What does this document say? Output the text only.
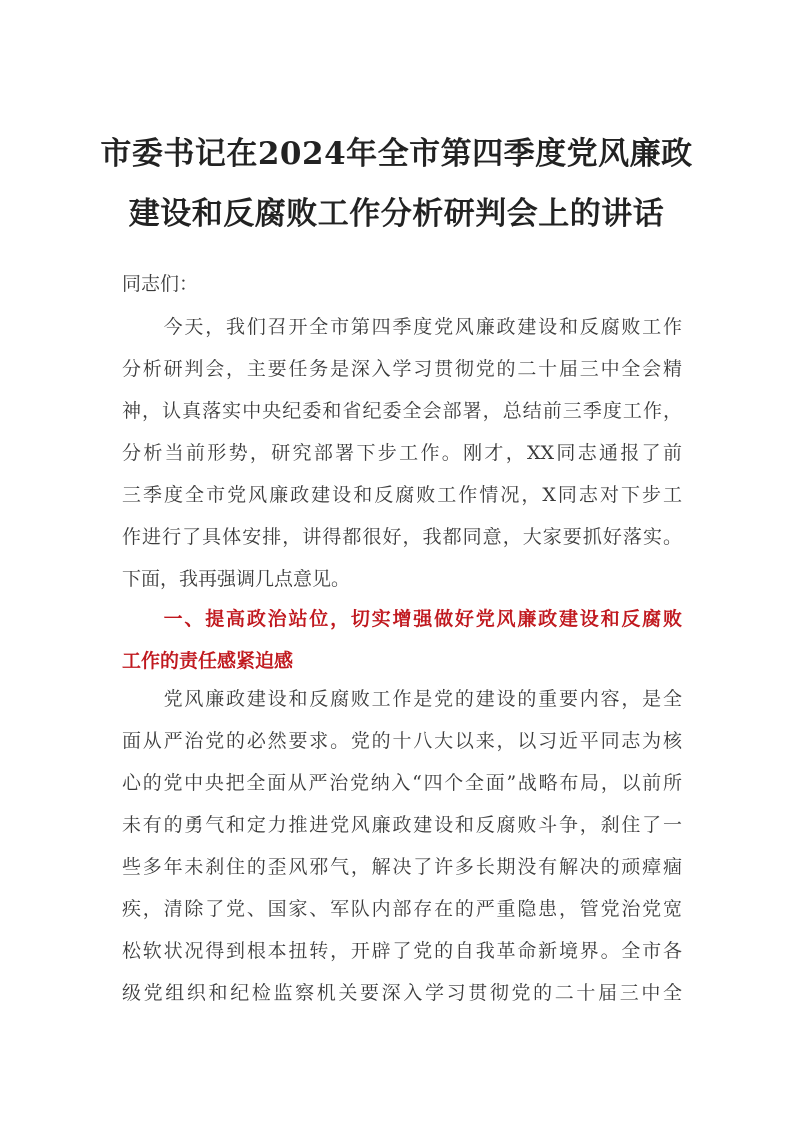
市委书记在2024年全市第四季度党风廉政
建设和反腐败工作分析研判会上的讲话
同志们：
　　今天，我们召开全市第四季度党风廉政建设和反腐败工作
分析研判会，主要任务是深入学习贯彻党的二十届三中全会精
神，认真落实中央纪委和省纪委全会部署，总结前三季度工作，
分析当前形势，研究部署下步工作。刚才，XX同志通报了前
三季度全市党风廉政建设和反腐败工作情况，X同志对下步工
作进行了具体安排，讲得都很好，我都同意，大家要抓好落实。
下面，我再强调几点意见。
　　一、提高政治站位，切实增强做好党风廉政建设和反腐败
工作的责任感紧迫感
　　党风廉政建设和反腐败工作是党的建设的重要内容，是全
面从严治党的必然要求。党的十八大以来，以习近平同志为核
心的党中央把全面从严治党纳入“四个全面”战略布局，以前所
未有的勇气和定力推进党风廉政建设和反腐败斗争，刹住了一
些多年未刹住的歪风邪气，解决了许多长期没有解决的顽瘴痼
疾，清除了党、国家、军队内部存在的严重隐患，管党治党宽
松软状况得到根本扭转，开辟了党的自我革命新境界。全市各
级党组织和纪检监察机关要深入学习贯彻党的二十届三中全
